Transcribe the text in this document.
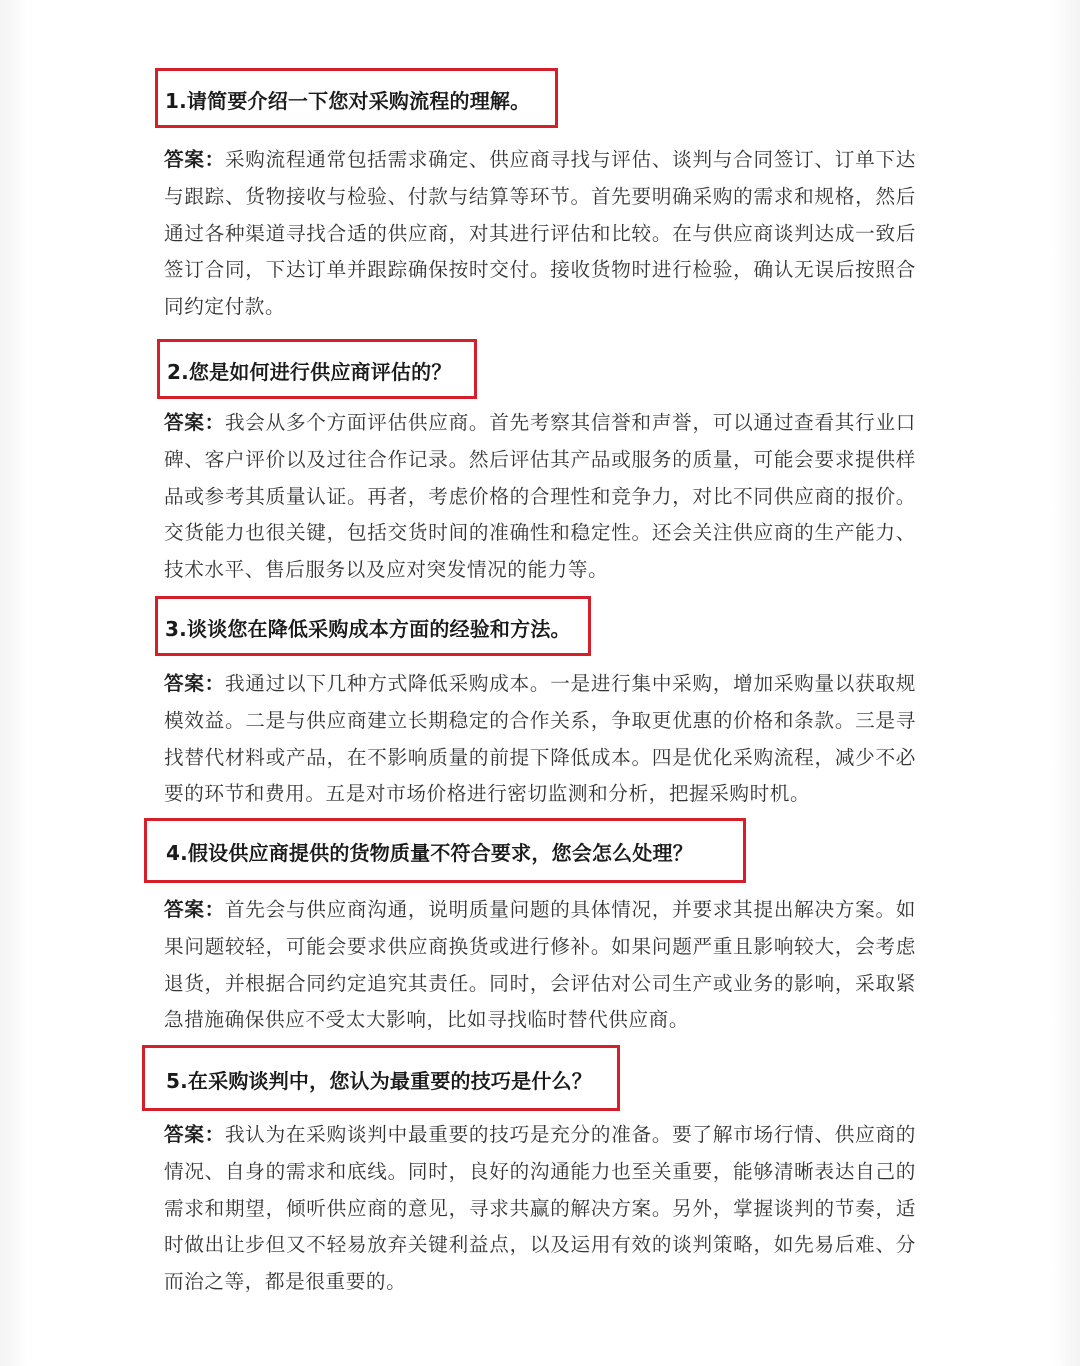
1.请简要介绍一下您对采购流程的理解。
答案：采购流程通常包括需求确定、供应商寻找与评估、谈判与合同签订、订单下达与跟踪、货物接收与检验、付款与结算等环节。首先要明确采购的需求和规格，然后通过各种渠道寻找合适的供应商，对其进行评估和比较。在与供应商谈判达成一致后签订合同，下达订单并跟踪确保按时交付。接收货物时进行检验，确认无误后按照合同约定付款。
2.您是如何进行供应商评估的？
答案：我会从多个方面评估供应商。首先考察其信誉和声誉，可以通过查看其行业口碑、客户评价以及过往合作记录。然后评估其产品或服务的质量，可能会要求提供样品或参考其质量认证。再者，考虑价格的合理性和竞争力，对比不同供应商的报价。交货能力也很关键，包括交货时间的准确性和稳定性。还会关注供应商的生产能力、技术水平、售后服务以及应对突发情况的能力等。
3.谈谈您在降低采购成本方面的经验和方法。
答案：我通过以下几种方式降低采购成本。一是进行集中采购，增加采购量以获取规模效益。二是与供应商建立长期稳定的合作关系，争取更优惠的价格和条款。三是寻找替代材料或产品，在不影响质量的前提下降低成本。四是优化采购流程，减少不必要的环节和费用。五是对市场价格进行密切监测和分析，把握采购时机。
4.假设供应商提供的货物质量不符合要求，您会怎么处理？
答案：首先会与供应商沟通，说明质量问题的具体情况，并要求其提出解决方案。如果问题较轻，可能会要求供应商换货或进行修补。如果问题严重且影响较大，会考虑退货，并根据合同约定追究其责任。同时，会评估对公司生产或业务的影响，采取紧急措施确保供应不受太大影响，比如寻找临时替代供应商。
5.在采购谈判中，您认为最重要的技巧是什么？
答案：我认为在采购谈判中最重要的技巧是充分的准备。要了解市场行情、供应商的情况、自身的需求和底线。同时，良好的沟通能力也至关重要，能够清晰表达自己的需求和期望，倾听供应商的意见，寻求共赢的解决方案。另外，掌握谈判的节奏，适时做出让步但又不轻易放弃关键利益点，以及运用有效的谈判策略，如先易后难、分而治之等，都是很重要的。
